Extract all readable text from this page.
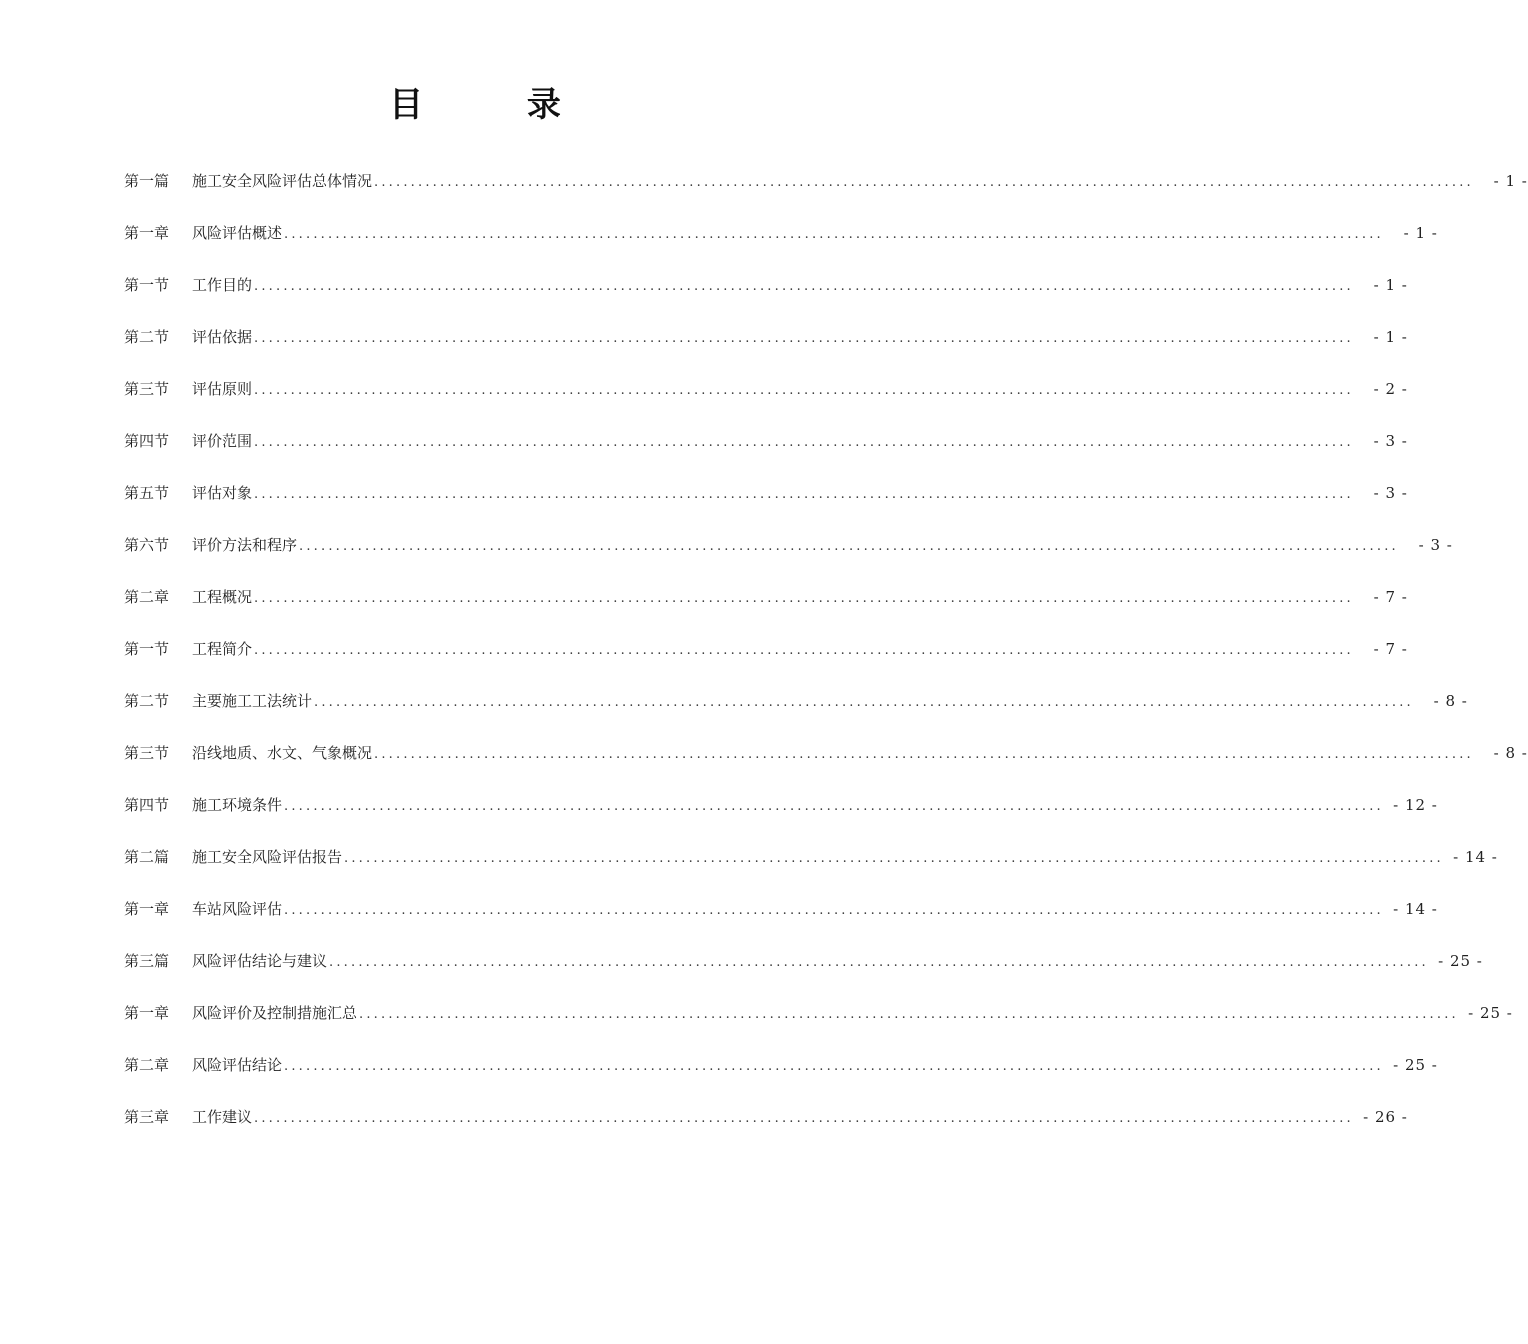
目 录
第一篇	施工安全风险评估总体情况 ......................................................................................................................................................	- 1 -
第一章	风险评估概述 ......................................................................................................................................................	- 1 -
第一节	工作目的 ......................................................................................................................................................	- 1 -
第二节	评估依据 ......................................................................................................................................................	- 1 -
第三节	评估原则 ......................................................................................................................................................	- 2 -
第四节	评价范围 ......................................................................................................................................................	- 3 -
第五节	评估对象 ......................................................................................................................................................	- 3 -
第六节	评价方法和程序 ......................................................................................................................................................	- 3 -
第二章	工程概况 ......................................................................................................................................................	- 7 -
第一节	工程简介 ......................................................................................................................................................	- 7 -
第二节	主要施工工法统计 ......................................................................................................................................................	- 8 -
第三节	沿线地质、水文、气象概况 ......................................................................................................................................................	- 8 -
第四节	施工环境条件 ...................................................................................................................................................... - 12 -
第二篇	施工安全风险评估报告 ...................................................................................................................................................... - 14 -
第一章	车站风险评估 ...................................................................................................................................................... - 14 -
第三篇	风险评估结论与建议 ...................................................................................................................................................... - 25 -
第一章	风险评价及控制措施汇总 ...................................................................................................................................................... - 25 -
第二章	风险评估结论 ...................................................................................................................................................... - 25 -
第三章	工作建议 ...................................................................................................................................................... - 26 -
